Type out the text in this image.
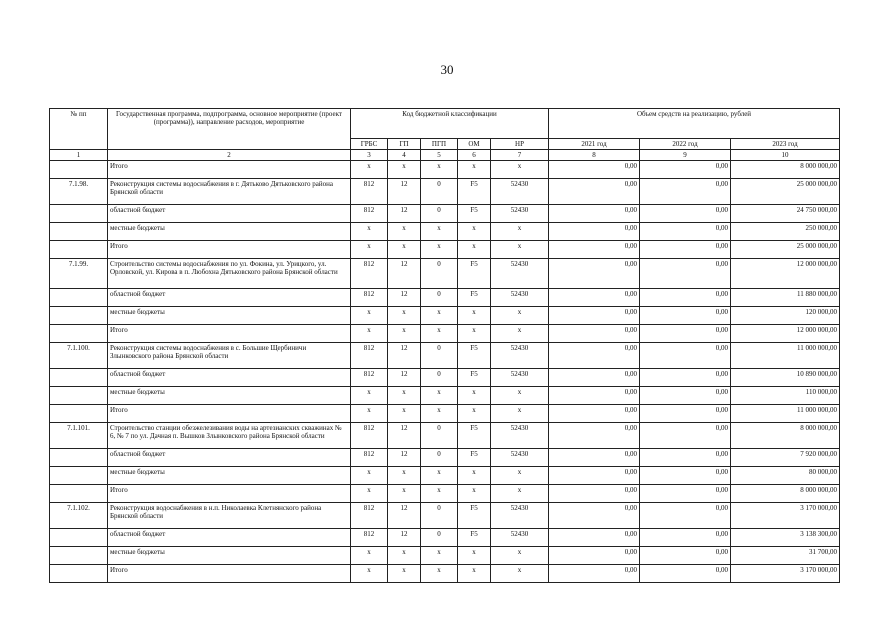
30
№ пп	Государственная программа, подпрограмма, основное мероприятие (проект (программа)), направление расходов, мероприятие	Код бюджетной классификации					Объем средств на реализацию, рублей		
		ГРБС	ГП	ПГП	ОМ	НР	2021 год	2022 год	2023 год
1	2	3	4	5	6	7	8	9	10
	Итого	x	x	x	x	x	0,00	0,00	8 000 000,00
7.1.98.	Реконструкция системы водоснабжения в г. Дятьково Дятьковского района Брянской области	812	12	0	F5	52430	0,00	0,00	25 000 000,00
	областной бюджет	812	12	0	F5	52430	0,00	0,00	24 750 000,00
	местные бюджеты	x	x	x	x	x	0,00	0,00	250 000,00
	Итого	x	x	x	x	x	0,00	0,00	25 000 000,00
7.1.99.	Строительство системы водоснабжения по ул. Фокина, ул. Урицкого, ул. Орловской, ул. Кирова в п. Любохна Дятьковского района Брянской области	812	12	0	F5	52430	0,00	0,00	12 000 000,00
	областной бюджет	812	12	0	F5	52430	0,00	0,00	11 880 000,00
	местные бюджеты	x	x	x	x	x	0,00	0,00	120 000,00
	Итого	x	x	x	x	x	0,00	0,00	12 000 000,00
7.1.100.	Реконструкция системы водоснабжения в с. Большие Щербиничи Злынковского района Брянской области	812	12	0	F5	52430	0,00	0,00	11 000 000,00
	областной бюджет	812	12	0	F5	52430	0,00	0,00	10 890 000,00
	местные бюджеты	x	x	x	x	x	0,00	0,00	110 000,00
	Итого	x	x	x	x	x	0,00	0,00	11 000 000,00
7.1.101.	Строительство станции обезжелезивания воды на артезианских скважинах № 6, № 7 по ул. Дачная п. Вышков Злынковского района Брянской области	812	12	0	F5	52430	0,00	0,00	8 000 000,00
	областной бюджет	812	12	0	F5	52430	0,00	0,00	7 920 000,00
	местные бюджеты	x	x	x	x	x	0,00	0,00	80 000,00
	Итого	x	x	x	x	x	0,00	0,00	8 000 000,00
7.1.102.	Реконструкция водоснабжения в н.п. Николаевка Клетнянского района Брянской области	812	12	0	F5	52430	0,00	0,00	3 170 000,00
	областной бюджет	812	12	0	F5	52430	0,00	0,00	3 138 300,00
	местные бюджеты	x	x	x	x	x	0,00	0,00	31 700,00
	Итого	x	x	x	x	x	0,00	0,00	3 170 000,00
